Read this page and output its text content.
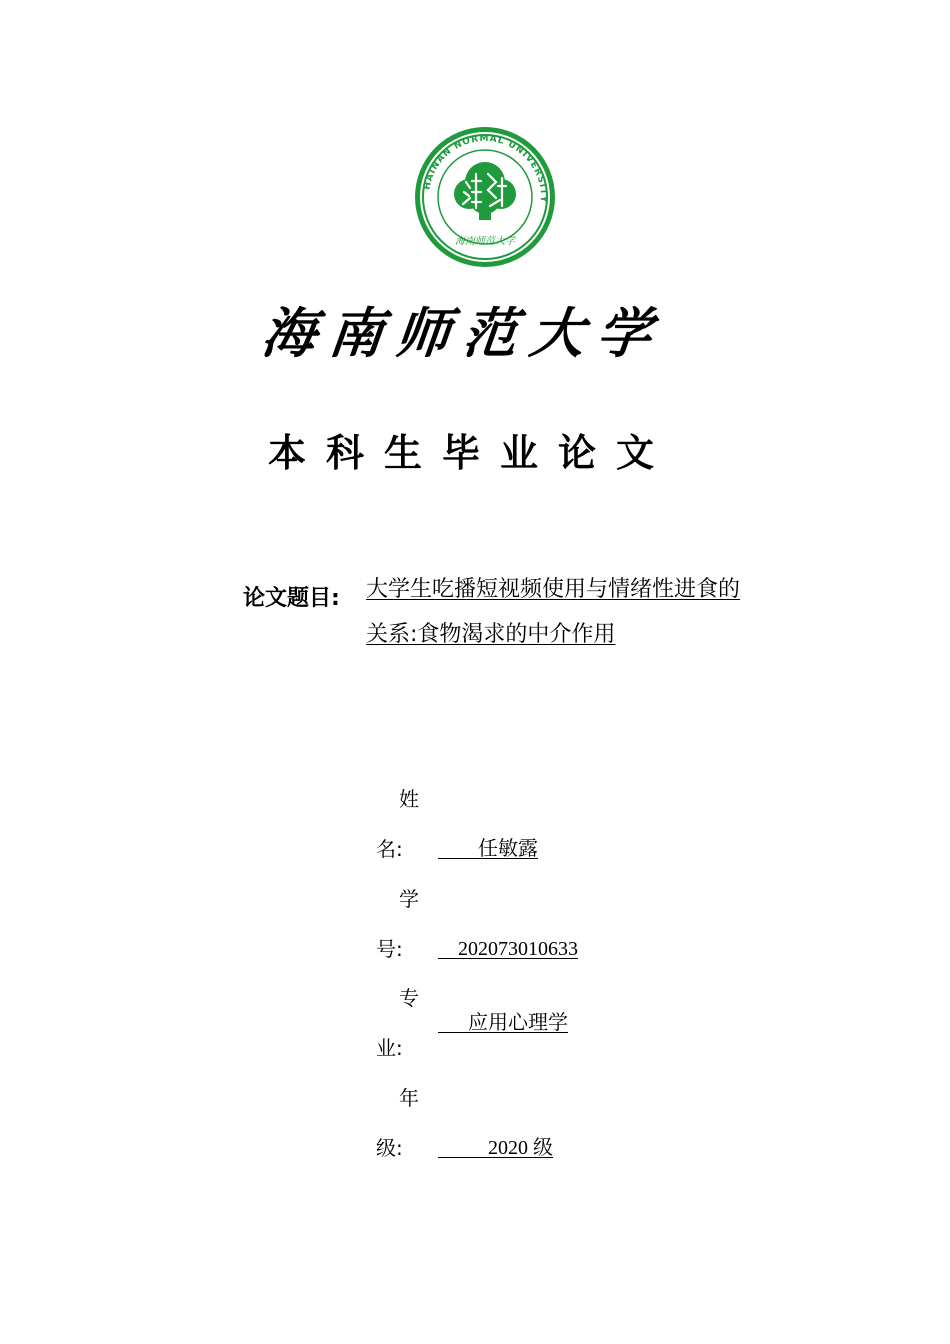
HAINAN NORMAL UNIVERSITY
海南师范大学
海南师范大学
本科生毕业论文
论文题目: 大学生吃播短视频使用与情绪性进食的
关系:食物渴求的中介作用
姓
名: 任敏露
学
号: 202073010633
专
应用心理学
业:
年
级: 2020 级
